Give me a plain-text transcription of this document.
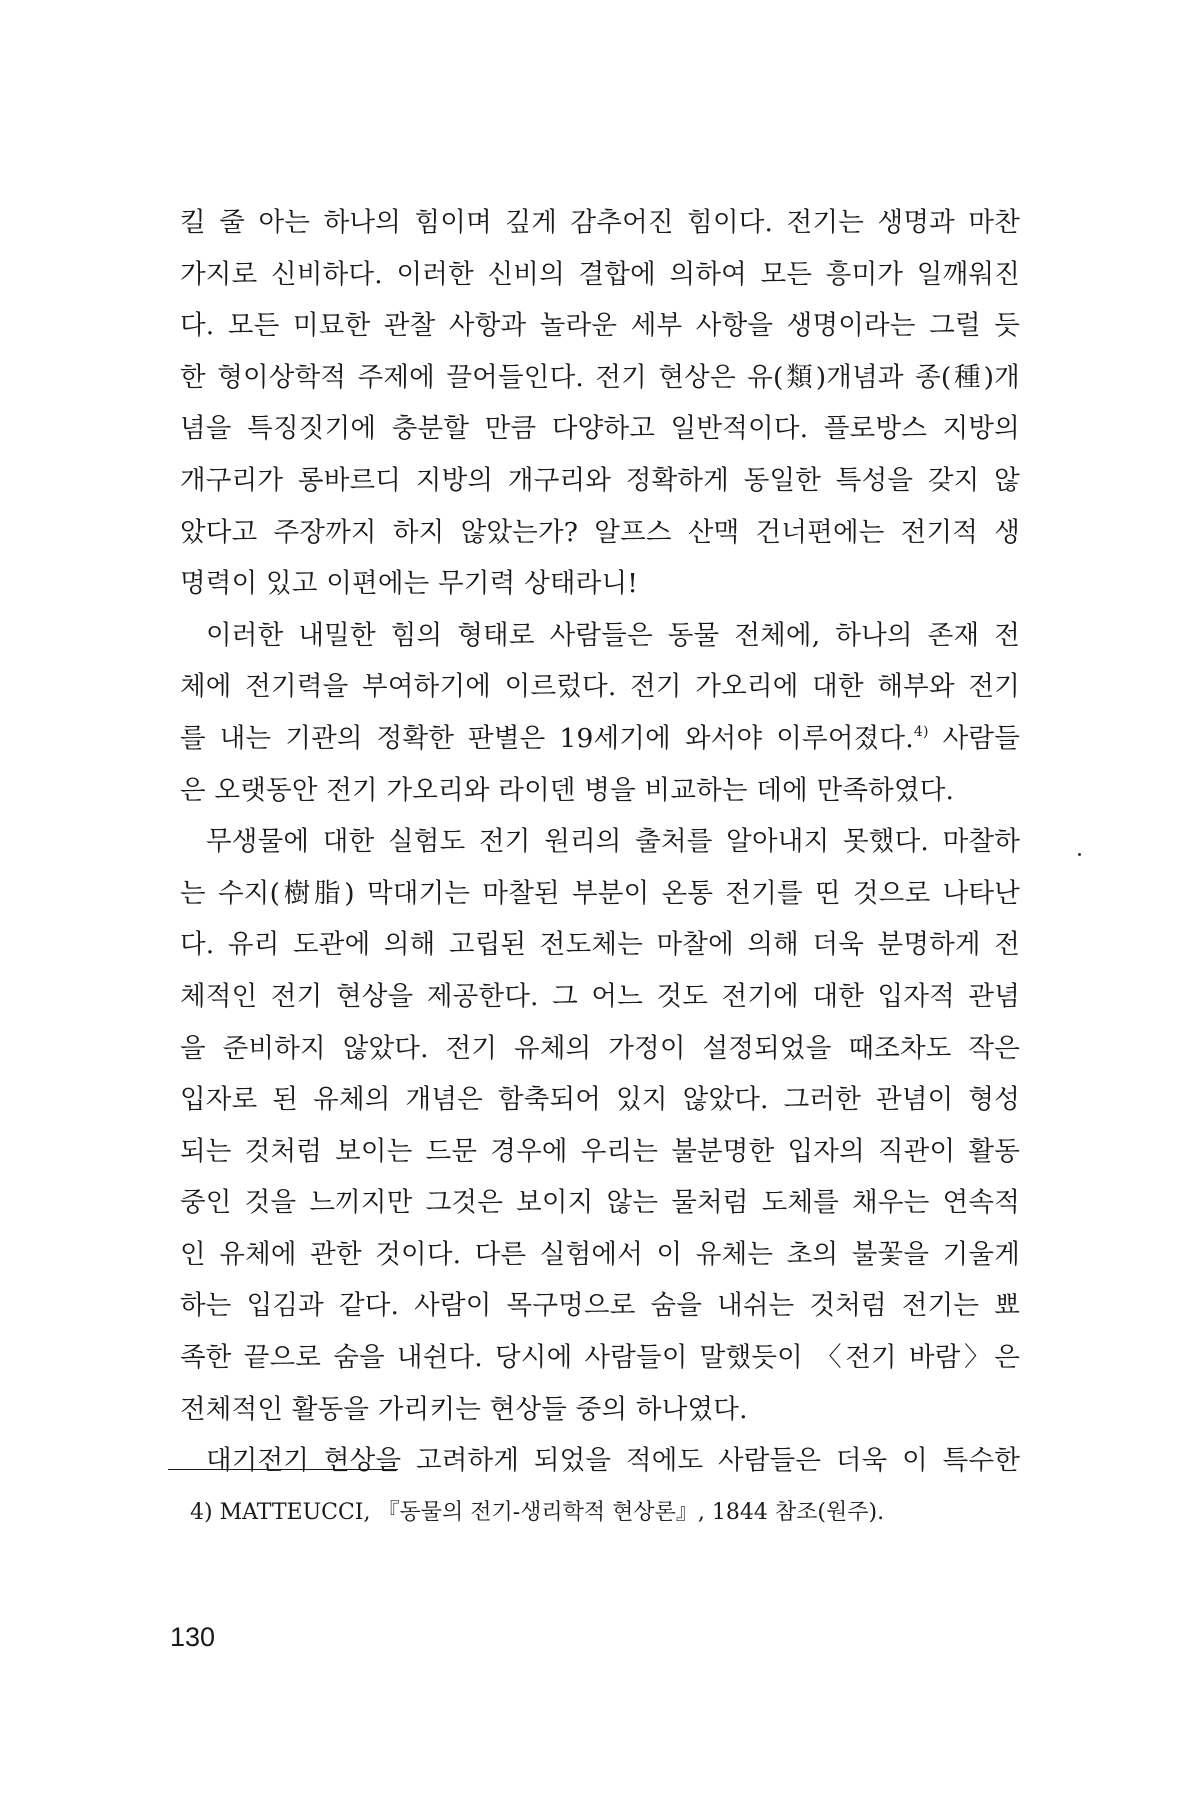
킬 줄 아는 하나의 힘이며 깊게 감추어진 힘이다. 전기는 생명과 마찬
가지로 신비하다. 이러한 신비의 결합에 의하여 모든 흥미가 일깨워진
다. 모든 미묘한 관찰 사항과 놀라운 세부 사항을 생명이라는 그럴 듯
한 형이상학적 주제에 끌어들인다. 전기 현상은 유(類)개념과 종(種)개
념을 특징짓기에 충분할 만큼 다양하고 일반적이다. 플로방스 지방의
개구리가 롱바르디 지방의 개구리와 정확하게 동일한 특성을 갖지 않
았다고 주장까지 하지 않았는가? 알프스 산맥 건너편에는 전기적 생
명력이 있고 이편에는 무기력 상태라니!
이러한 내밀한 힘의 형태로 사람들은 동물 전체에, 하나의 존재 전
체에 전기력을 부여하기에 이르렀다. 전기 가오리에 대한 해부와 전기
를 내는 기관의 정확한 판별은 19세기에 와서야 이루어졌다.$^{4)}$ 사람들
은 오랫동안 전기 가오리와 라이덴 병을 비교하는 데에 만족하였다.
무생물에 대한 실험도 전기 원리의 출처를 알아내지 못했다. 마찰하
는 수지(樹脂) 막대기는 마찰된 부분이 온통 전기를 띤 것으로 나타난
다. 유리 도관에 의해 고립된 전도체는 마찰에 의해 더욱 분명하게 전
체적인 전기 현상을 제공한다. 그 어느 것도 전기에 대한 입자적 관념
을 준비하지 않았다. 전기 유체의 가정이 설정되었을 때조차도 작은
입자로 된 유체의 개념은 함축되어 있지 않았다. 그러한 관념이 형성
되는 것처럼 보이는 드문 경우에 우리는 불분명한 입자의 직관이 활동
중인 것을 느끼지만 그것은 보이지 않는 물처럼 도체를 채우는 연속적
인 유체에 관한 것이다. 다른 실험에서 이 유체는 초의 불꽃을 기울게
하는 입김과 같다. 사람이 목구멍으로 숨을 내쉬는 것처럼 전기는 뾰
족한 끝으로 숨을 내쉰다. 당시에 사람들이 말했듯이 〈전기 바람〉은
전체적인 활동을 가리키는 현상들 중의 하나였다.
대기전기 현상을 고려하게 되었을 적에도 사람들은 더욱 이 특수한
4) MATTEUCCI, 『동물의 전기-생리학적 현상론』, 1844 참조(원주).
130
